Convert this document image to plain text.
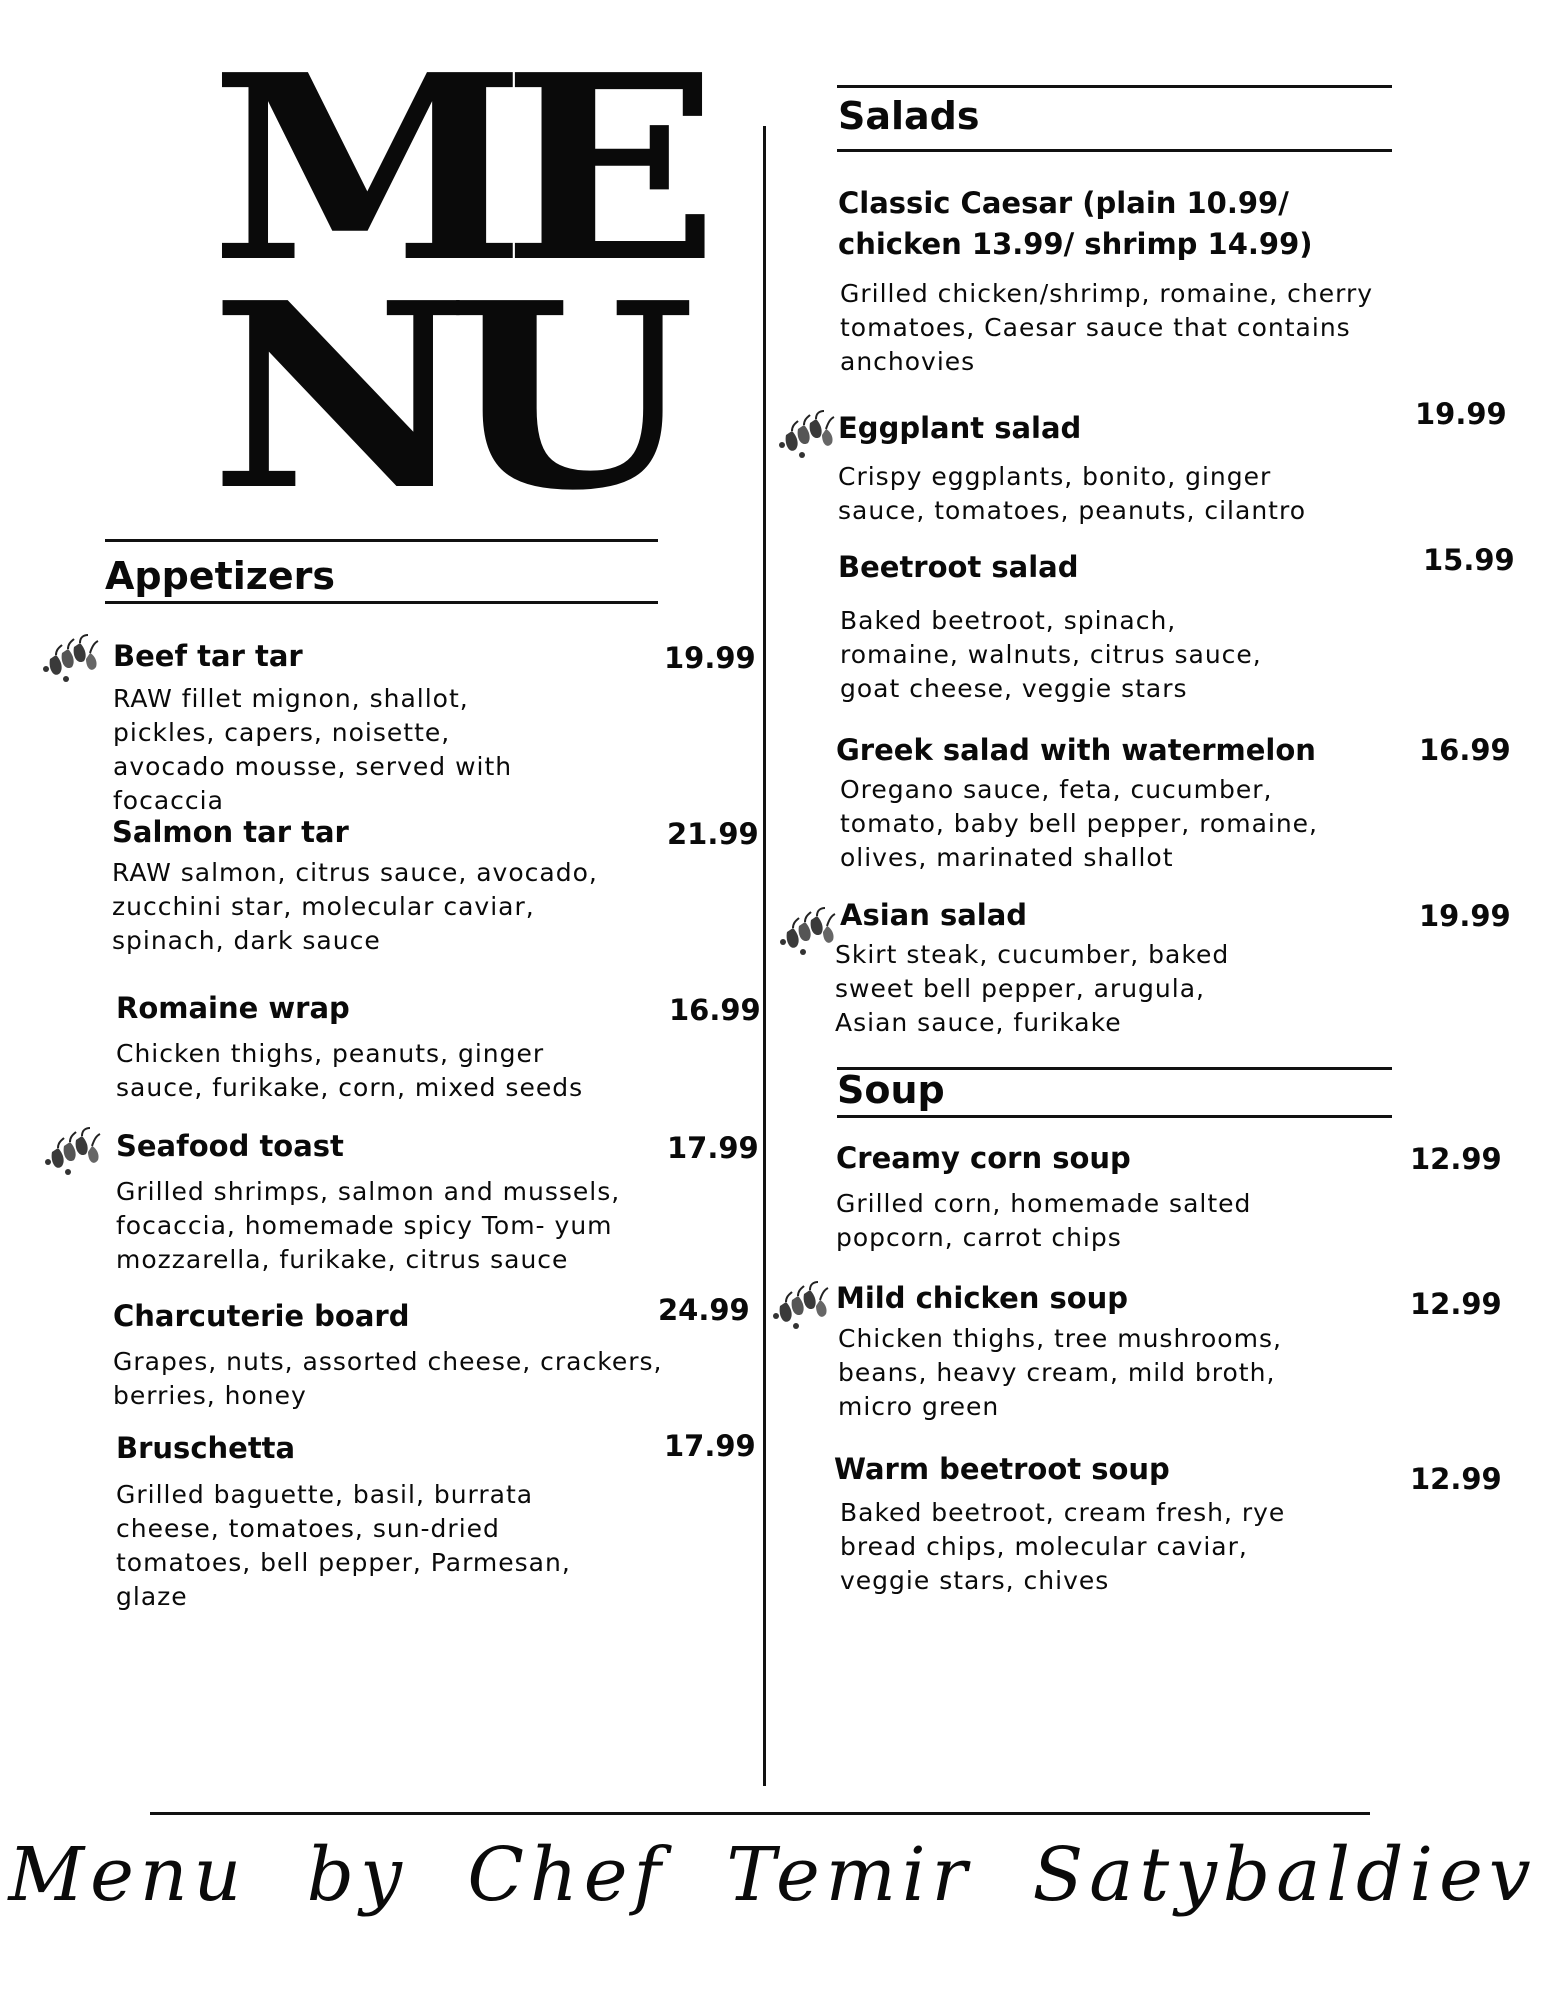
ME
NU
Appetizers
Beef tar tar	19.99
RAW fillet mignon, shallot, pickles, capers, noisette, avocado mousse, served with focaccia
Salmon tar tar	21.99
RAW salmon, citrus sauce, avocado, zucchini star, molecular caviar, spinach, dark sauce
Romaine wrap	16.99
Chicken thighs, peanuts, ginger sauce, furikake, corn, mixed seeds
Seafood toast	17.99
Grilled shrimps, salmon and mussels, focaccia, homemade spicy Tom- yum mozzarella, furikake, citrus sauce
Charcuterie board	24.99
Grapes, nuts, assorted cheese, crackers, berries, honey
Bruschetta	17.99
Grilled baguette, basil, burrata cheese, tomatoes, sun-dried tomatoes, bell pepper, Parmesan, glaze
Salads
Classic Caesar (plain 10.99/ chicken 13.99/ shrimp 14.99)
Grilled chicken/shrimp, romaine, cherry tomatoes, Caesar sauce that contains anchovies
Eggplant salad	19.99
Crispy eggplants, bonito, ginger sauce, tomatoes, peanuts, cilantro
Beetroot salad	15.99
Baked beetroot, spinach, romaine, walnuts, citrus sauce, goat cheese, veggie stars
Greek salad with watermelon	16.99
Oregano sauce, feta, cucumber, tomato, baby bell pepper, romaine, olives, marinated shallot
Asian salad	19.99
Skirt steak, cucumber, baked sweet bell pepper, arugula, Asian sauce, furikake
Soup
Creamy corn soup	12.99
Grilled corn, homemade salted popcorn, carrot chips
Mild chicken soup	12.99
Chicken thighs, tree mushrooms, beans, heavy cream, mild broth, micro green
Warm beetroot soup	12.99
Baked beetroot, cream fresh, rye bread chips, molecular caviar, veggie stars, chives
Menu by Chef Temir Satybaldiev
